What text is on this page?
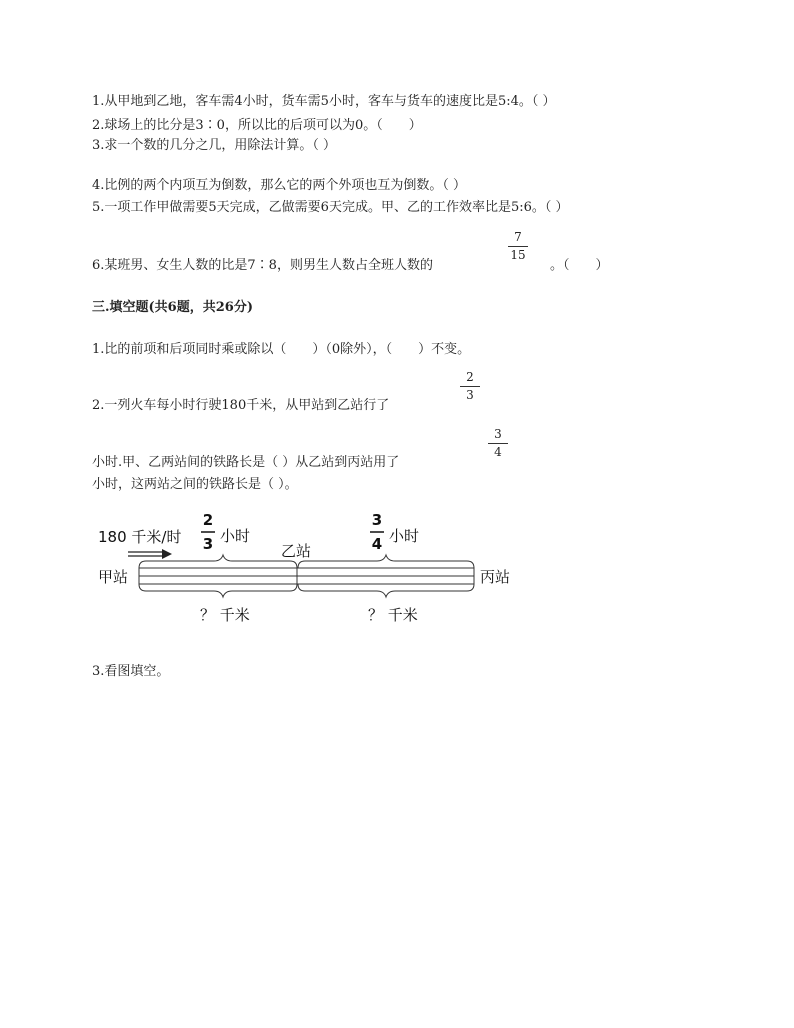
1.从甲地到乙地，客车需4小时，货车需5小时，客车与货车的速度比是5:4。（ ）
2.球场上的比分是3∶0，所以比的后项可以为0。（　　）
3.求一个数的几分之几，用除法计算。（ ）
4.比例的两个内项互为倒数，那么它的两个外项也互为倒数。（ ）
5.一项工作甲做需要5天完成，乙做需要6天完成。甲、乙的工作效率比是5:6。（ ）
7
15
6.某班男、女生人数的比是7∶8，则男生人数占全班人数的	。（　　）
三.填空题(共6题，共26分)
1.比的前项和后项同时乘或除以（　　）（0除外），（　　）不变。
2
3
2.一列火车每小时行驶180千米，从甲站到乙站行了
3
4
小时.甲、乙两站间的铁路长是（ ）从乙站到丙站用了
小时，这两站之间的铁路长是（ ）。
180 千米/时
2
3 小时
乙站
3
4 小时
甲站	丙站
？ 千米	？ 千米
3.看图填空。
